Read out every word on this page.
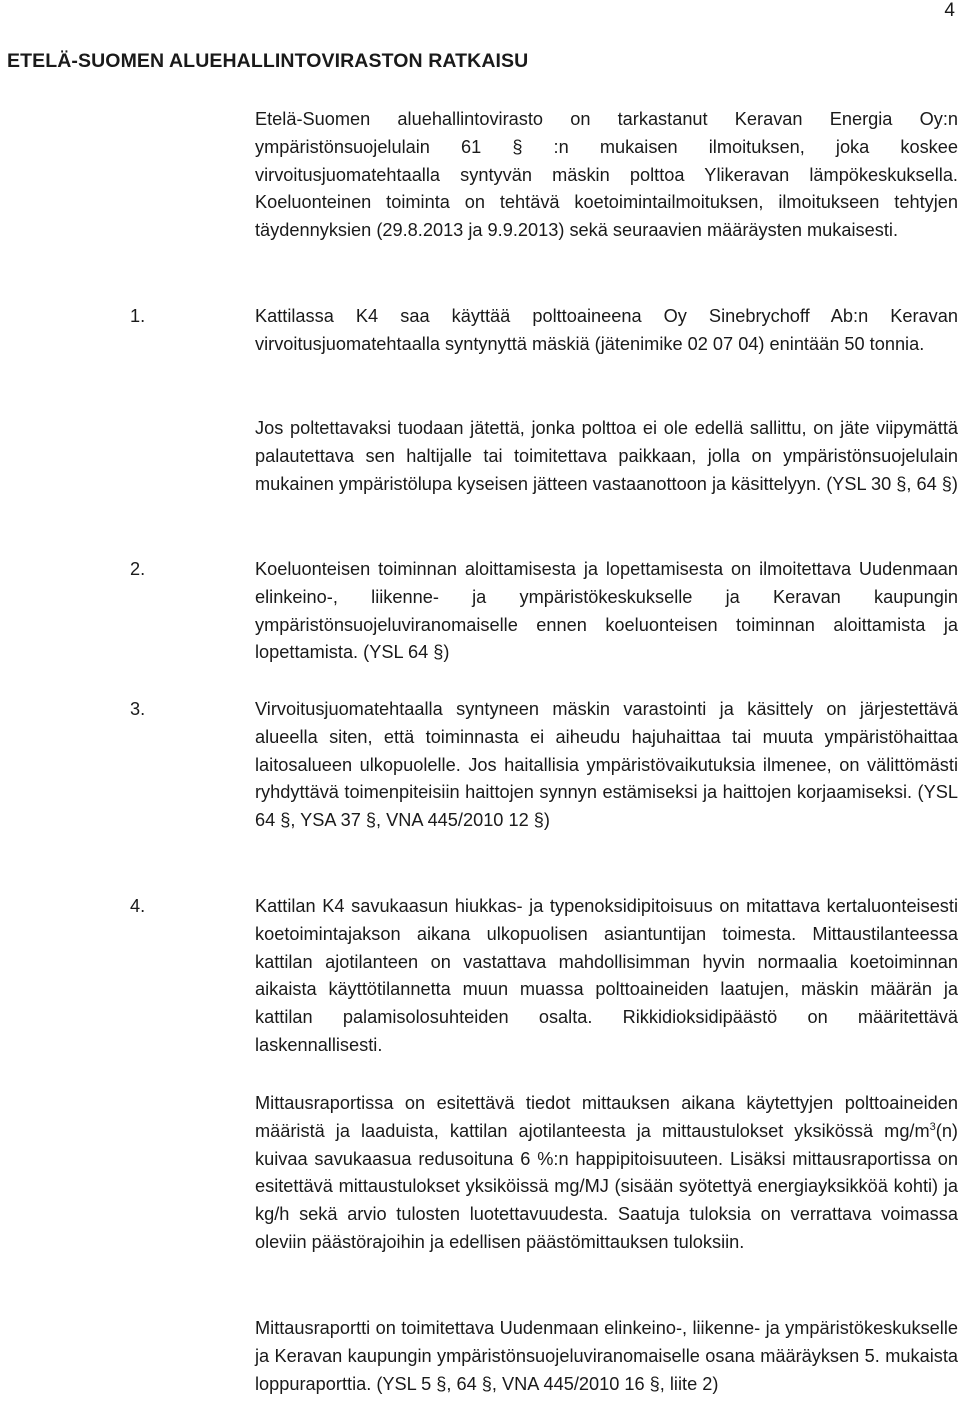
4
ETELÄ-SUOMEN ALUEHALLINTOVIRASTON RATKAISU

Etelä-Suomen aluehallintovirasto on tarkastanut Keravan Energia Oy:n ympäristönsuojelulain 61 § :n mukaisen ilmoituksen, joka koskee virvoitusjuomatehtaalla syntyvän mäskin polttoa Ylikeravan lämpökeskuksella. Koeluonteinen toiminta on tehtävä koetoimintailmoituksen, ilmoitukseen tehtyjen täydennyksien (29.8.2013 ja 9.9.2013) sekä seuraavien määräysten mukaisesti.

1.	Kattilassa K4 saa käyttää polttoaineena Oy Sinebrychoff Ab:n Keravan virvoitusjuomatehtaalla syntynyttä mäskiä (jätenimike 02 07 04) enintään 50 tonnia.

Jos poltettavaksi tuodaan jätettä, jonka polttoa ei ole edellä sallittu, on jäte viipymättä palautettava sen haltijalle tai toimitettava paikkaan, jolla on ympäristönsuojelulain mukainen ympäristölupa kyseisen jätteen vastaanottoon ja käsittelyyn. (YSL 30 §, 64 §)

2.	Koeluonteisen toiminnan aloittamisesta ja lopettamisesta on ilmoitettava Uudenmaan elinkeino-, liikenne- ja ympäristökeskukselle ja Keravan kaupungin ympäristönsuojeluviranomaiselle ennen koeluonteisen toiminnan aloittamista ja lopettamista. (YSL 64 §)

3.	Virvoitusjuomatehtaalla syntyneen mäskin varastointi ja käsittely on järjestettävä alueella siten, että toiminnasta ei aiheudu hajuhaittaa tai muuta ympäristöhaittaa laitosalueen ulkopuolelle. Jos haitallisia ympäristövaikutuksia ilmenee, on välittömästi ryhdyttävä toimenpiteisiin haittojen synnyn estämiseksi ja haittojen korjaamiseksi. (YSL 64 §, YSA 37 §, VNA 445/2010 12 §)

4.	Kattilan K4 savukaasun hiukkas- ja typenoksidipitoisuus on mitattava kertaluonteisesti koetoimintajakson aikana ulkopuolisen asiantuntijan toimesta. Mittaustilanteessa kattilan ajotilanteen on vastattava mahdollisimman hyvin normaalia koetoiminnan aikaista käyttötilannetta muun muassa polttoaineiden laatujen, mäskin määrän ja kattilan palamisolosuhteiden osalta. Rikkidioksidipäästö on määritettävä laskennallisesti.

Mittausraportissa on esitettävä tiedot mittauksen aikana käytettyjen polttoaineiden määristä ja laaduista, kattilan ajotilanteesta ja mittaustulokset yksikössä $mg/m^3(n)$ kuivaa savukaasua redusoituna 6 %:n happipitoisuuteen. Lisäksi mittausraportissa on esitettävä mittaustulokset yksiköissä mg/MJ (sisään syötettyä energiayksikköä kohti) ja kg/h sekä arvio tulosten luotettavuudesta. Saatuja tuloksia on verrattava voimassa oleviin päästörajoihin ja edellisen päästömittauksen tuloksiin.

Mittausraportti on toimitettava Uudenmaan elinkeino-, liikenne- ja ympäristökeskukselle ja Keravan kaupungin ympäristönsuojeluviranomaiselle osana määräyksen 5. mukaista loppuraporttia. (YSL 5 §, 64 §, VNA 445/2010 16 §, liite 2)
